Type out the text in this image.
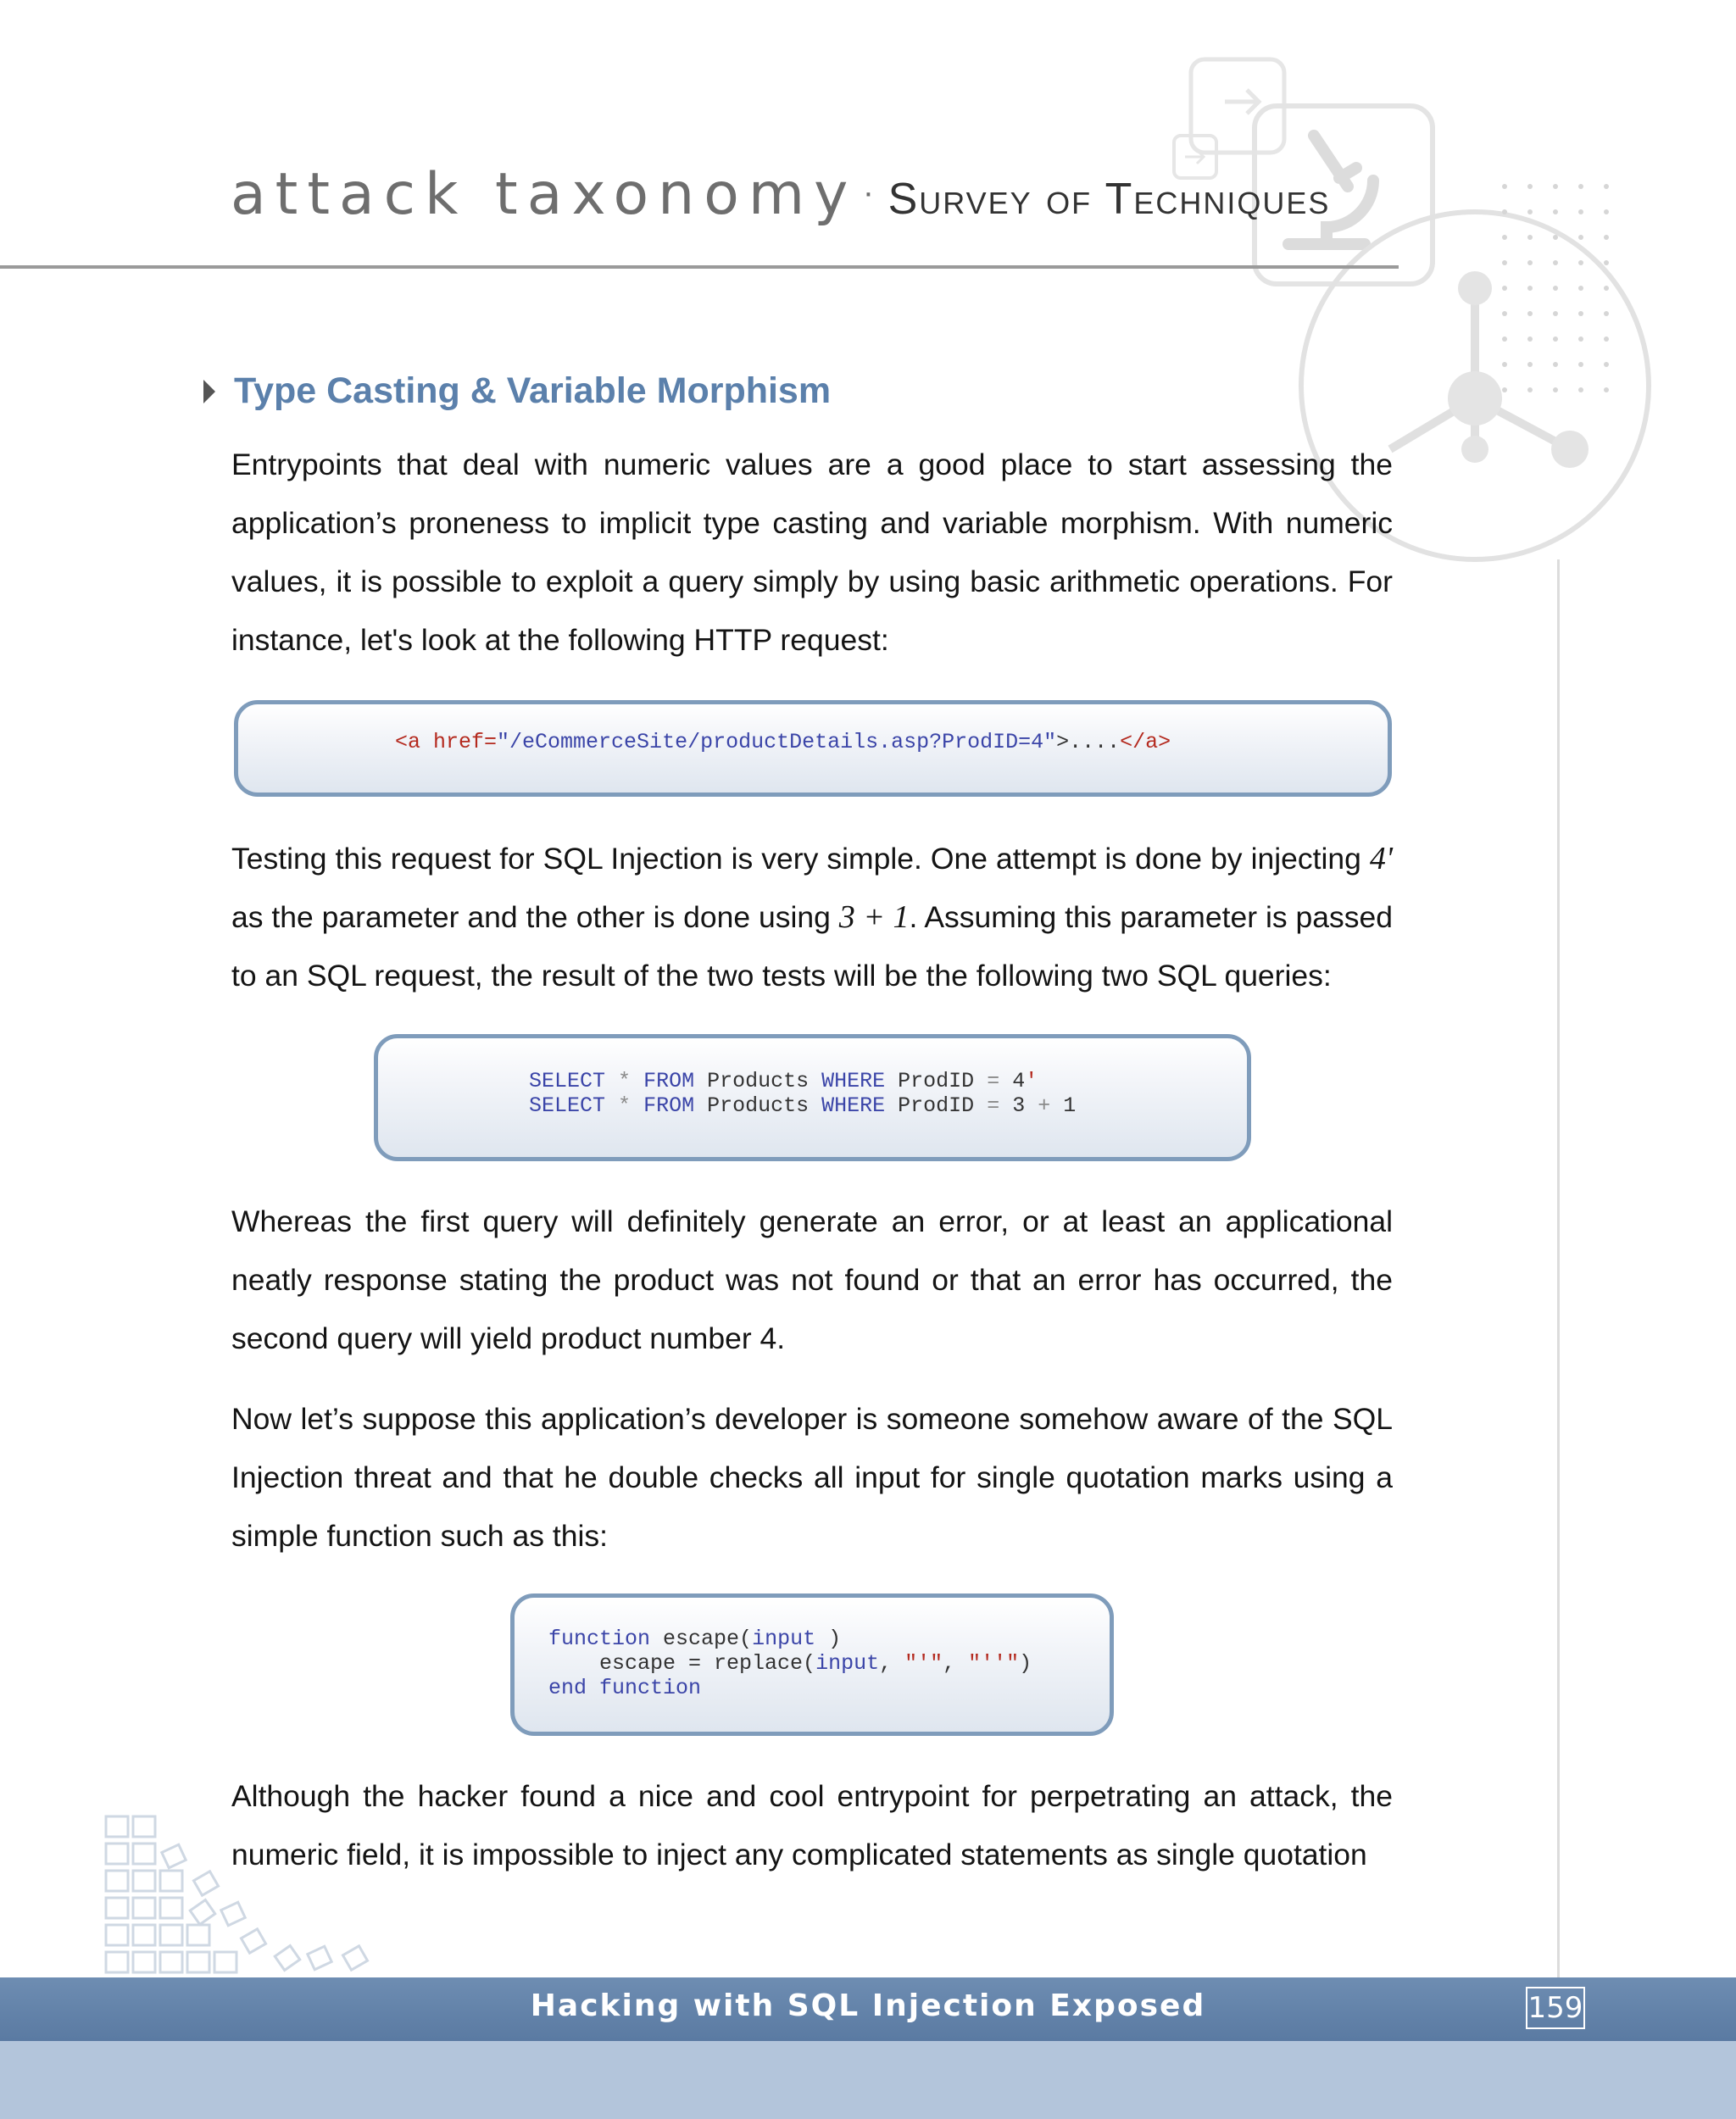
attack taxonomy · Survey of Techniques
Type Casting & Variable Morphism
Entrypoints that deal with numeric values are a good place to start assessing the application’s proneness to implicit type casting and variable morphism. With numeric values, it is possible to exploit a query simply by using basic arithmetic operations. For instance, let's look at the following HTTP request:
<a href="/eCommerceSite/productDetails.asp?ProdID=4">....</a>
Testing this request for SQL Injection is very simple. One attempt is done by injecting 4' as the parameter and the other is done using 3 + 1. Assuming this parameter is passed to an SQL request, the result of the two tests will be the following two SQL queries:
SELECT * FROM Products WHERE ProdID = 4'
SELECT * FROM Products WHERE ProdID = 3 + 1
Whereas the first query will definitely generate an error, or at least an applicational neatly response stating the product was not found or that an error has occurred, the second query will yield product number 4.
Now let’s suppose this application’s developer is someone somehow aware of the SQL Injection threat and that he double checks all input for single quotation marks using a simple function such as this:
function escape(input )
escape = replace(input, "'", "''")
end function
Although the hacker found a nice and cool entrypoint for perpetrating an attack, the numeric field, it is impossible to inject any complicated statements as single quotation
Hacking with SQL Injection Exposed	159
